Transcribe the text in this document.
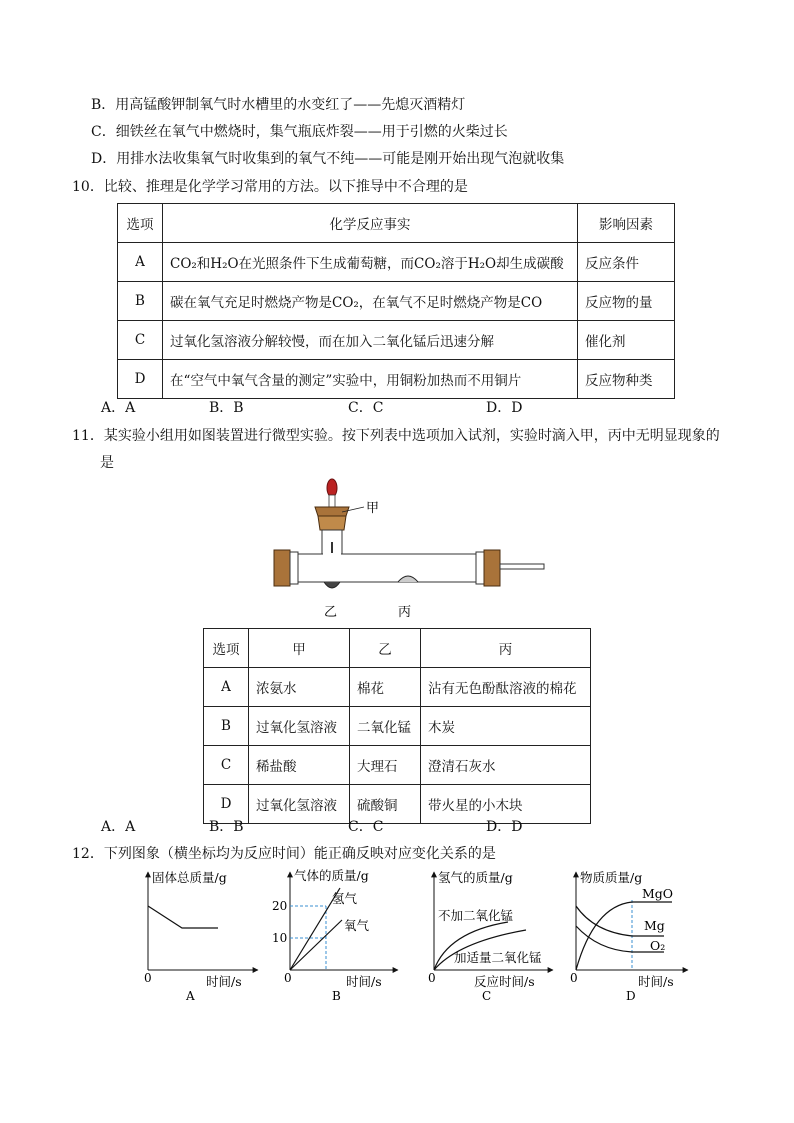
B．用高锰酸钾制氧气时水槽里的水变红了——先熄灭酒精灯
C．细铁丝在氧气中燃烧时，集气瓶底炸裂——用于引燃的火柴过长
D．用排水法收集氧气时收集到的氧气不纯——可能是刚开始出现气泡就收集
10．比较、推理是化学学习常用的方法。以下推导中不合理的是
选项	化学反应事实	影响因素
A	CO₂和H₂O在光照条件下生成葡萄糖，而CO₂溶于H₂O却生成碳酸	反应条件
B	碳在氧气充足时燃烧产物是CO₂，在氧气不足时燃烧产物是CO	反应物的量
C	过氧化氢溶液分解较慢，而在加入二氧化锰后迅速分解	催化剂
D	在“空气中氧气含量的测定”实验中，用铜粉加热而不用铜片	反应物种类
A．A	B．B	C．C	D．D
11．某实验小组用如图装置进行微型实验。按下列表中选项加入试剂，实验时滴入甲，丙中无明显现象的
是
甲
乙	丙
选项	甲	乙	丙
A	浓氨水	棉花	沾有无色酚酞溶液的棉花
B	过氧化氢溶液	二氧化锰	木炭
C	稀盐酸	大理石	澄清石灰水
D	过氧化氢溶液	硫酸铜	带火星的小木块
A．A	B．B	C．C	D．D
12．下列图象（横坐标均为反应时间）能正确反映对应变化关系的是
固体总质量/g
时间/s
0
A
气体的质量/g
20
10
氢气
氧气
时间/s
0
B
氢气的质量/g
不加二氧化锰
加适量二氧化锰
反应时间/s
0
C
物质质量/g
MgO
Mg
O₂
时间/s
0
D
